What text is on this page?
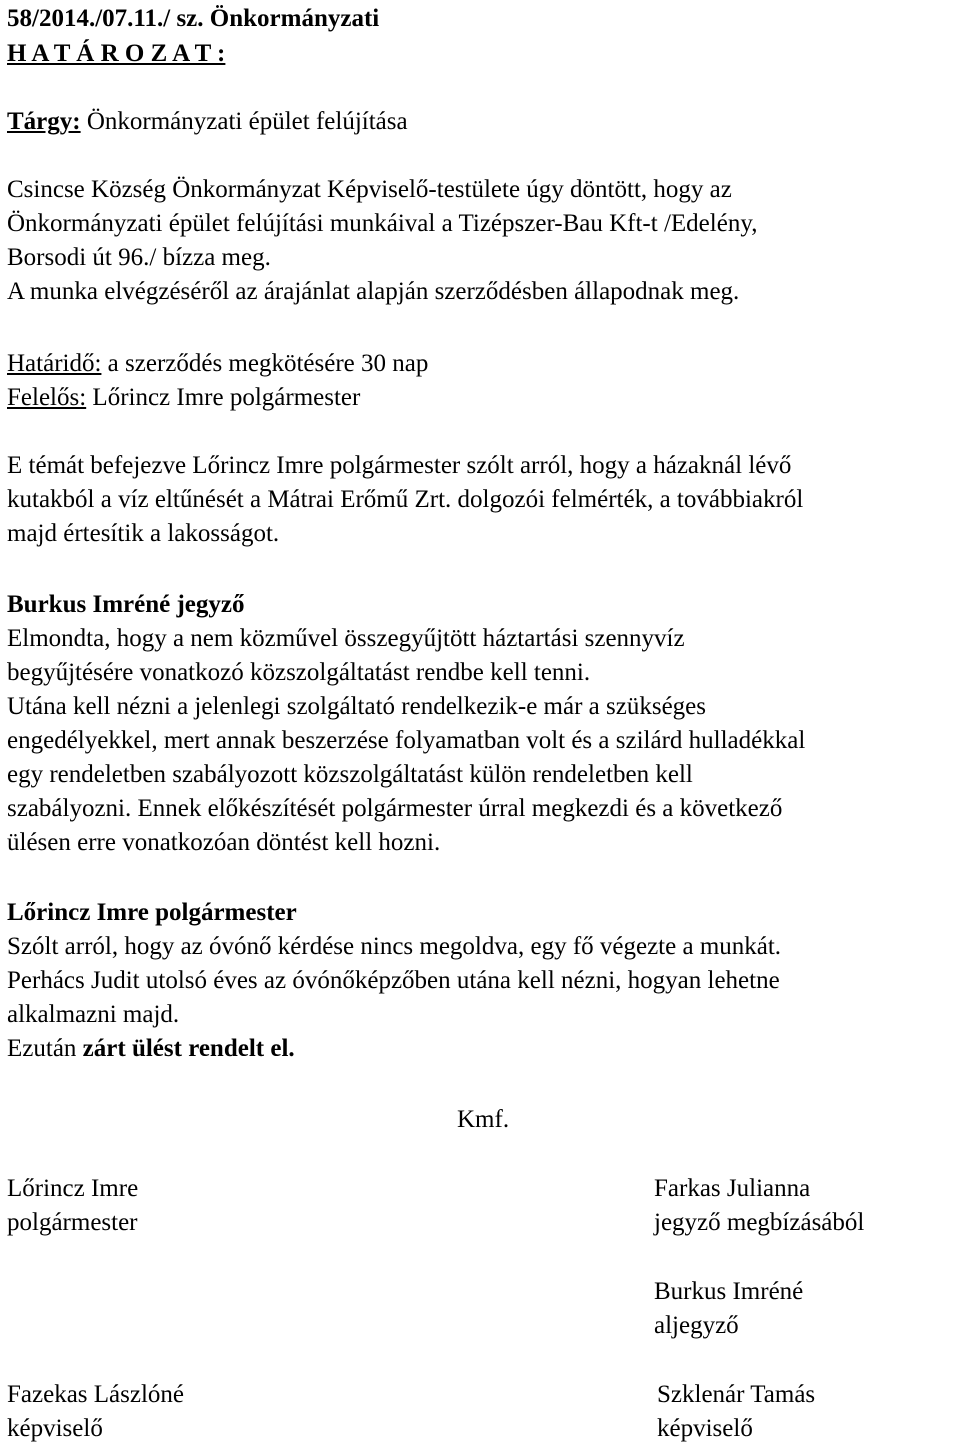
58/2014./07.11./ sz. Önkormányzati
H A T Á R O Z A T :
Tárgy: Önkormányzati épület felújítása
Csincse Község Önkormányzat Képviselő-testülete úgy döntött, hogy az
Önkormányzati épület felújítási munkáival a Tizépszer-Bau Kft-t /Edelény,
Borsodi út 96./ bízza meg.
A munka elvégzéséről az árajánlat alapján szerződésben állapodnak meg.
Határidő: a szerződés megkötésére 30 nap
Felelős: Lőrincz Imre polgármester
E témát befejezve Lőrincz Imre polgármester szólt arról, hogy a házaknál lévő
kutakból a víz eltűnését a Mátrai Erőmű Zrt. dolgozói felmérték, a továbbiakról
majd értesítik a lakosságot.
Burkus Imréné jegyző
Elmondta, hogy a nem közművel összegyűjtött háztartási szennyvíz
begyűjtésére vonatkozó közszolgáltatást rendbe kell tenni.
Utána kell nézni a jelenlegi szolgáltató rendelkezik-e már a szükséges
engedélyekkel, mert annak beszerzése folyamatban volt és a szilárd hulladékkal
egy rendeletben szabályozott közszolgáltatást külön rendeletben kell
szabályozni. Ennek előkészítését polgármester úrral megkezdi és a következő
ülésen erre vonatkozóan döntést kell hozni.
Lőrincz Imre polgármester
Szólt arról, hogy az óvónő kérdése nincs megoldva, egy fő végezte a munkát.
Perhács Judit utolsó éves az óvónőképzőben utána kell nézni, hogyan lehetne
alkalmazni majd.
Ezután zárt ülést rendelt el.
Kmf.
Lőrincz Imre
polgármester
Farkas Julianna
jegyző megbízásából
Burkus Imréné
aljegyző
Fazekas Lászlóné
képviselő
Szklenár Tamás
képviselő
